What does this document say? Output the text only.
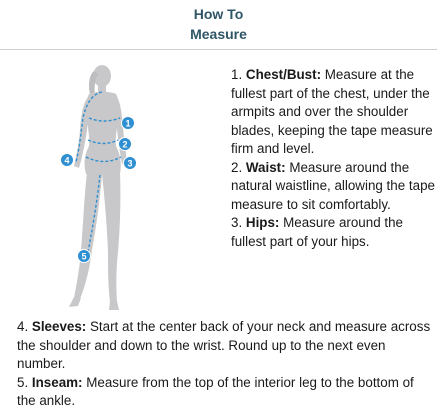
How To
Measure
1
2
3
4
5

1. Chest/Bust: Measure at the fullest part of the chest, under the armpits and over the shoulder blades, keeping the tape measure firm and level.

2. Waist: Measure around the natural waistline, allowing the tape measure to sit comfortably.

3. Hips: Measure around the fullest part of your hips.

4. Sleeves: Start at the center back of your neck and measure across the shoulder and down to the wrist. Round up to the next even number.

5. Inseam: Measure from the top of the interior leg to the bottom of the ankle.
